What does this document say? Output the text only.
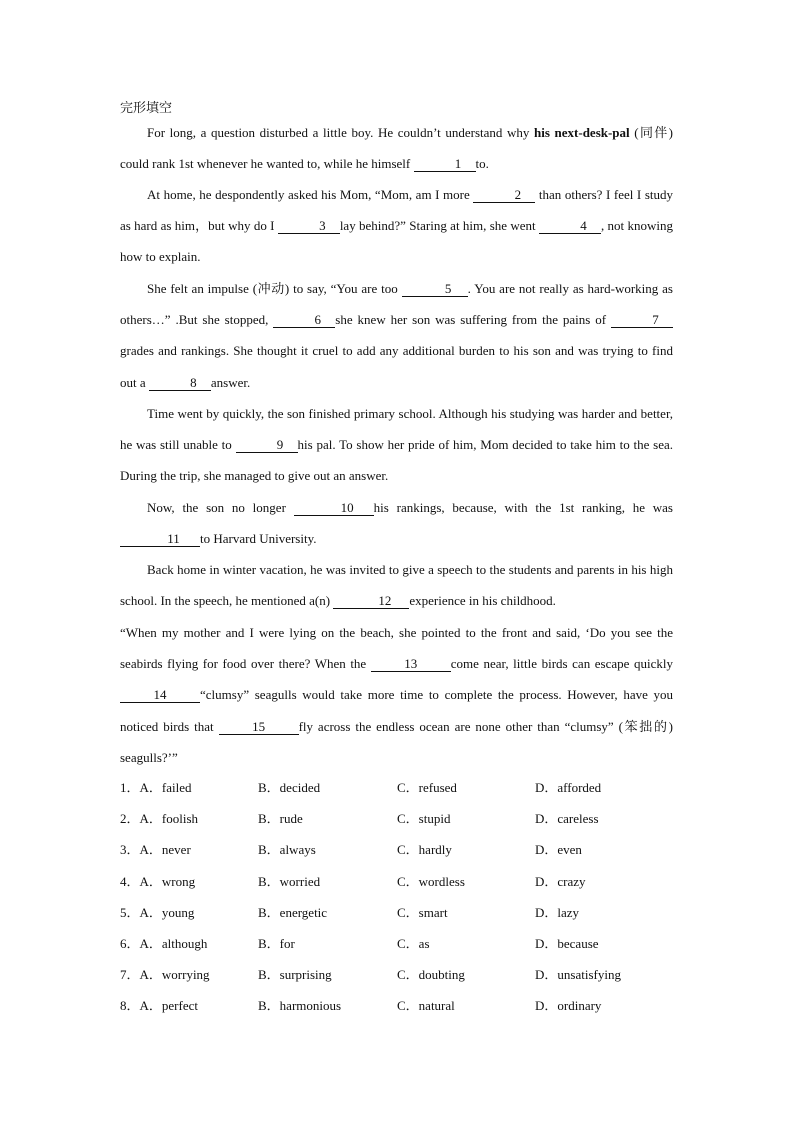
完形填空

For long, a question disturbed a little boy. He couldn’t understand why his next-desk-pal (同伴) could rank 1st whenever he wanted to, while he himself	1 to.

At home, he despondently asked his Mom, “Mom, am I more	2 than others? I feel I study as hard as him，but why do I	3 lay behind?” Staring at him, she went	4 , not knowing how to explain.

She felt an impulse (冲动) to say, “You are too	5 . You are not really as hard-working as others…” .But she stopped,	6 she knew her son was suffering from the pains of	7grades and rankings. She thought it cruel to add any additional burden to his son and was trying to find out a	8 answer.

Time went by quickly, the son finished primary school. Although his studying was harder and better, he was still unable to	9 his pal. To show her pride of him, Mom decided to take him to the sea. During the trip, she managed to give out an answer.

Now, the son no longer	10 his rankings, because, with the 1st ranking, he was 11 to Harvard University.

Back home in winter vacation, he was invited to give a speech to the students and parents in his high school. In the speech, he mentioned a(n)	12 experience in his childhood.

“When my mother and I were lying on the beach, she pointed to the front and said, ‘Do you see the seabirds flying for food over there? When the	13	come near, little birds can escape quickly 14	“clumsy” seagulls would take more time to complete the process. However, have you noticed birds that	15	fly across the endless ocean are none other than “clumsy” (笨拙的) seagulls?’”

1．A．failed	B．decided	C．refused	D．afforded
2．A．foolish	B．rude	C．stupid	D．careless
3．A．never	B．always	C．hardly	D．even
4．A．wrong	B．worried	C．wordless	D．crazy
5．A．young	B．energetic	C．smart	D．lazy
6．A．although	B．for	C．as	D．because
7．A．worrying	B．surprising	C．doubting	D．unsatisfying
8．A．perfect	B．harmonious	C．natural	D．ordinary
